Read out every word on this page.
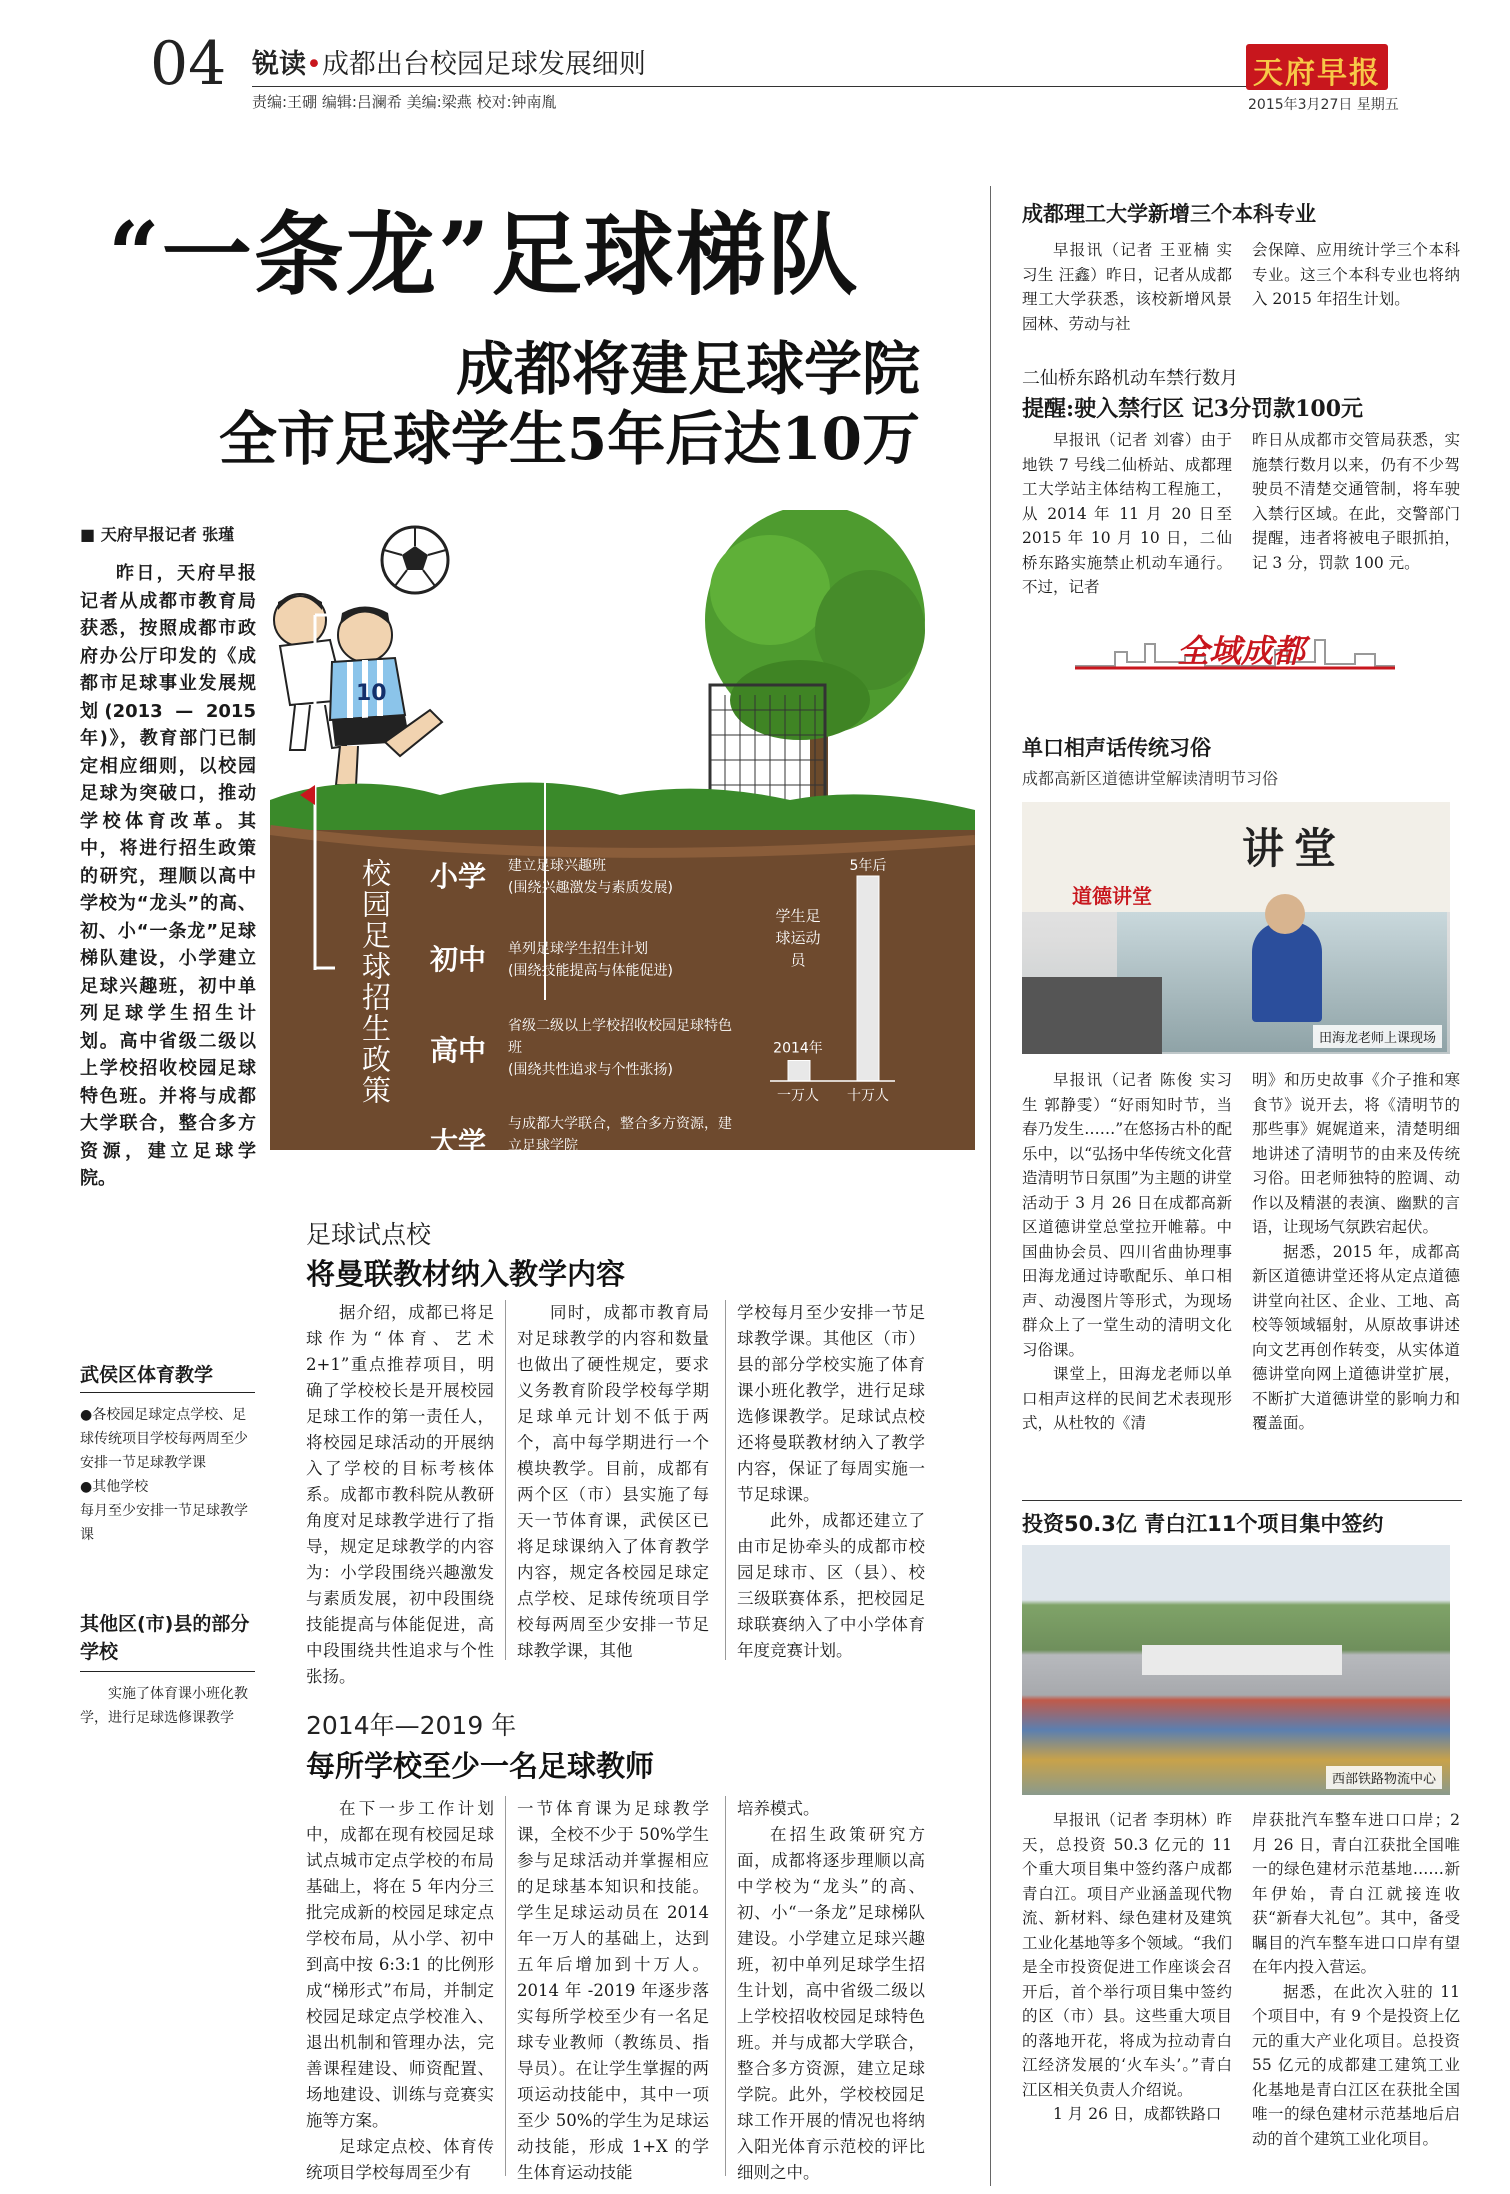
04 锐读•成都出台校园足球发展细则
责编:王硼 编辑:吕澜希 美编:梁燕 校对:钟南胤
天府早报
2015年3月27日 星期五
“一条龙”足球梯队
成都将建足球学院
全市足球学生5年后达10万
■ 天府早报记者 张瑾

昨日，天府早报记者从成都市教育局获悉，按照成都市政府办公厅印发的《成都市足球事业发展规划(2013 — 2015年)》，教育部门已制定相应细则，以校园足球为突破口，推动学校体育改革。其中，将进行招生政策的研究，理顺以高中学校为“龙头”的高、初、小“一条龙”足球梯队建设，小学建立足球兴趣班，初中单列足球学生招生计划。高中省级二级以上学校招收校园足球特色班。并将与成都大学联合，整合多方资源，建立足球学院。

10
校园足球招生政策 小学 建立足球兴趣班
(围绕兴趣激发与素质发展)
初中 单列足球学生招生计划
(围绕技能提高与体能促进)
高中
省级二级以上学校招收校园足球特色班
(围绕共性追求与个性张扬)
大学
与成都大学联合，整合多方资源，建立足球学院
学生足球运动员
5年后
2014年
一万人 十万人
武侯区体育教学
●各校园足球定点学校、足球传统项目学校每两周至少安排一节足球教学课
●其他学校
每月至少安排一节足球教学课
其他区(市)县的部分学校
实施了体育课小班化教学，进行足球选修课教学
足球试点校
将曼联教材纳入教学内容

据介绍，成都已将足球作为“体育、艺术 2+1”重点推荐项目，明确了学校校长是开展校园足球工作的第一责任人，将校园足球活动的开展纳入了学校的目标考核体系。成都市教科院从教研角度对足球教学进行了指导，规定足球教学的内容为：小学段围绕兴趣激发与素质发展，初中段围绕技能提高与体能促进，高中段围绕共性追求与个性张扬。

同时，成都市教育局对足球教学的内容和数量也做出了硬性规定，要求义务教育阶段学校每学期足球单元计划不低于两个，高中每学期进行一个模块教学。目前，成都有两个区（市）县实施了每天一节体育课，武侯区已将足球课纳入了体育教学内容，规定各校园足球定点学校、足球传统项目学校每两周至少安排一节足球教学课，其他

学校每月至少安排一节足球教学课。其他区（市）县的部分学校实施了体育课小班化教学，进行足球选修课教学。足球试点校还将曼联教材纳入了教学内容，保证了每周实施一节足球课。

此外，成都还建立了由市足协牵头的成都市校园足球市、区（县）、校三级联赛体系，把校园足球联赛纳入了中小学体育年度竞赛计划。

2014年—2019 年
每所学校至少一名足球教师

在下一步工作计划中，成都在现有校园足球试点城市定点学校的布局基础上，将在 5 年内分三批完成新的校园足球定点学校布局，从小学、初中到高中按 6:3:1 的比例形成“梯形式”布局，并制定校园足球定点学校准入、退出机制和管理办法，完善课程建设、师资配置、场地建设、训练与竞赛实施等方案。

足球定点校、体育传统项目学校每周至少有

一节体育课为足球教学课，全校不少于 50%学生参与足球活动并掌握相应的足球基本知识和技能。学生足球运动员在 2014 年一万人的基础上，达到五年后增加到十万人。2014 年 -2019 年逐步落实每所学校至少有一名足球专业教师（教练员、指导员）。在让学生掌握的两项运动技能中，其中一项至少 50%的学生为足球运动技能，形成 1+X 的学生体育运动技能

培养模式。

在招生政策研究方面，成都将逐步理顺以高中学校为“龙头”的高、初、小“一条龙”足球梯队建设。小学建立足球兴趣班，初中单列足球学生招生计划，高中省级二级以上学校招收校园足球特色班。并与成都大学联合，整合多方资源，建立足球学院。此外，学校校园足球工作开展的情况也将纳入阳光体育示范校的评比细则之中。

成都理工大学新增三个本科专业

早报讯（记者 王亚楠 实习生 汪鑫）昨日，记者从成都理工大学获悉，该校新增风景园林、劳动与社

会保障、应用统计学三个本科专业。这三个本科专业也将纳入 2015 年招生计划。

二仙桥东路机动车禁行数月
提醒:驶入禁行区 记3分罚款100元

早报讯（记者 刘睿）由于地铁 7 号线二仙桥站、成都理工大学站主体结构工程施工，从 2014 年 11 月 20 日至 2015 年 10 月 10 日，二仙桥东路实施禁止机动车通行。不过，记者

昨日从成都市交管局获悉，实施禁行数月以来，仍有不少驾驶员不清楚交通管制，将车驶入禁行区域。在此，交警部门提醒，违者将被电子眼抓拍，记 3 分，罚款 100 元。

全域成都
单口相声话传统习俗
成都高新区道德讲堂解读清明节习俗
讲堂
道德讲堂
田海龙老师上课现场

早报讯（记者 陈俊 实习生 郭静雯）“好雨知时节，当春乃发生……”在悠扬古朴的配乐中，以“弘扬中华传统文化营造清明节日氛围”为主题的讲堂活动于 3 月 26 日在成都高新区道德讲堂总堂拉开帷幕。中国曲协会员、四川省曲协理事田海龙通过诗歌配乐、单口相声、动漫图片等形式，为现场群众上了一堂生动的清明文化习俗课。

课堂上，田海龙老师以单口相声这样的民间艺术表现形式，从杜牧的《清

明》和历史故事《介子推和寒食节》说开去，将《清明节的那些事》娓娓道来，清楚明细地讲述了清明节的由来及传统习俗。田老师独特的腔调、动作以及精湛的表演、幽默的言语，让现场气氛跌宕起伏。

据悉，2015 年，成都高新区道德讲堂还将从定点道德讲堂向社区、企业、工地、高校等领域辐射，从原故事讲述向文艺再创作转变，从实体道德讲堂向网上道德讲堂扩展，不断扩大道德讲堂的影响力和覆盖面。

投资50.3亿 青白江11个项目集中签约
西部铁路物流中心

早报讯（记者 李玥林）昨天，总投资 50.3 亿元的 11 个重大项目集中签约落户成都青白江。项目产业涵盖现代物流、新材料、绿色建材及建筑工业化基地等多个领域。“我们是全市投资促进工作座谈会召开后，首个举行项目集中签约的区（市）县。这些重大项目的落地开花，将成为拉动青白江经济发展的‘火车头’。”青白江区相关负责人介绍说。

1 月 26 日，成都铁路口

岸获批汽车整车进口口岸；2 月 26 日，青白江获批全国唯一的绿色建材示范基地……新年伊始，青白江就接连收获“新春大礼包”。其中，备受瞩目的汽车整车进口口岸有望在年内投入营运。

据悉，在此次入驻的 11 个项目中，有 9 个是投资上亿元的重大产业化项目。总投资 55 亿元的成都建工建筑工业化基地是青白江区在获批全国唯一的绿色建材示范基地后启动的首个建筑工业化项目。
